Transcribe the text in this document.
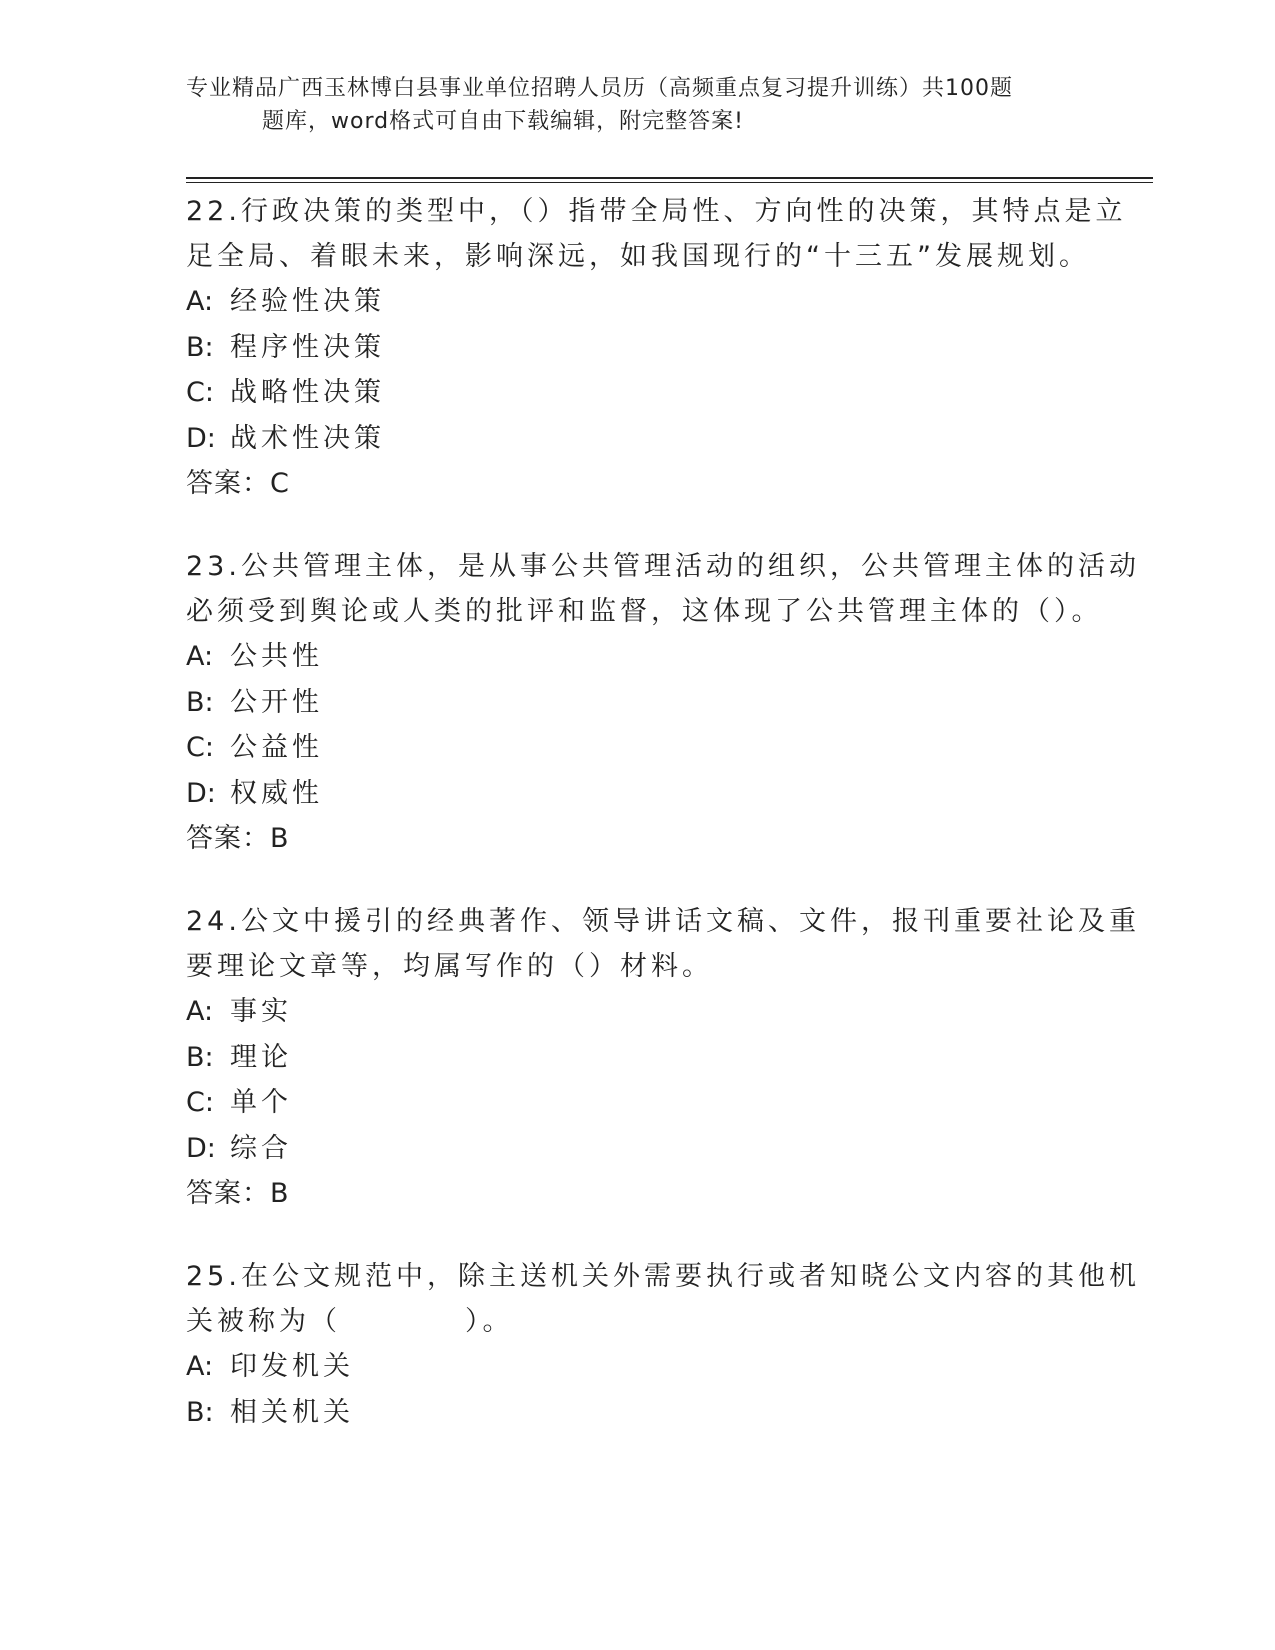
专业精品广西玉林博白县事业单位招聘人员历（高频重点复习提升训练）共100题
题库，word格式可自由下载编辑，附完整答案!

22.行政决策的类型中，（）指带全局性、方向性的决策，其特点是立

足全局、着眼未来，影响深远，如我国现行的“十三五”发展规划。

A: 经验性决策

B: 程序性决策

C: 战略性决策

D: 战术性决策

答案：C

23.公共管理主体，是从事公共管理活动的组织，公共管理主体的活动

必须受到舆论或人类的批评和监督，这体现了公共管理主体的（）。

A: 公共性

B: 公开性

C: 公益性

D: 权威性

答案：B

24.公文中援引的经典著作、领导讲话文稿、文件，报刊重要社论及重

要理论文章等，均属写作的（）材料。

A: 事实

B: 理论

C: 单个

D: 综合

答案：B

25.在公文规范中，除主送机关外需要执行或者知晓公文内容的其他机

关被称为（　　　　）。

A: 印发机关

B: 相关机关
